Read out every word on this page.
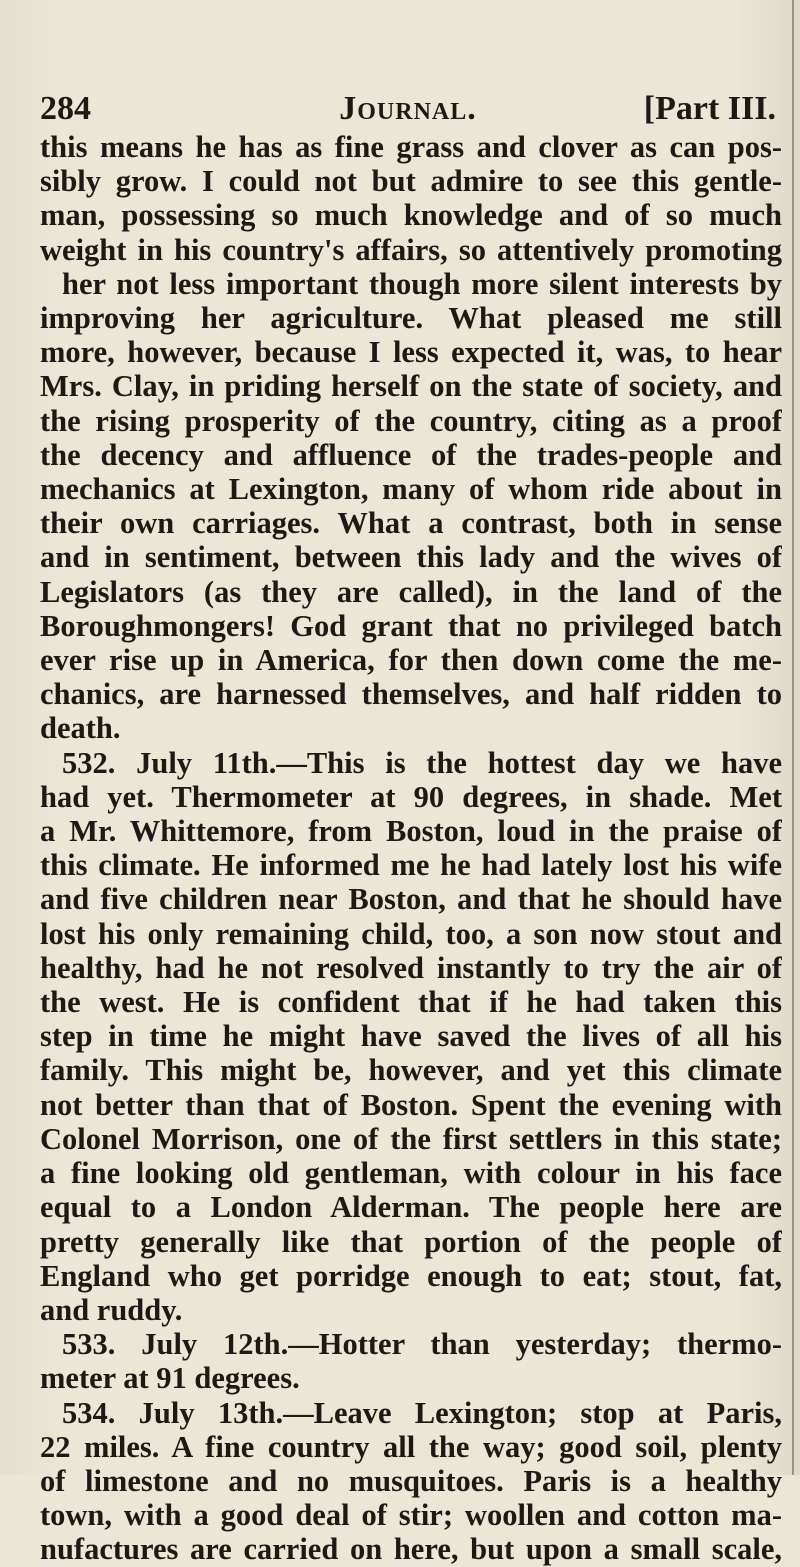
284	Journal.	[Part III.
this means he has as fine grass and clover as can pos-
sibly grow. I could not but admire to see this gentle-
man, possessing so much knowledge and of so much
weight in his country's affairs, so attentively promoting
her not less important though more silent interests by
improving her agriculture. What pleased me still
more, however, because I less expected it, was, to hear
Mrs. Clay, in priding herself on the state of society, and
the rising prosperity of the country, citing as a proof
the decency and affluence of the trades-people and
mechanics at Lexington, many of whom ride about in
their own carriages. What a contrast, both in sense
and in sentiment, between this lady and the wives of
Legislators (as they are called), in the land of the
Boroughmongers! God grant that no privileged batch
ever rise up in America, for then down come the me-
chanics, are harnessed themselves, and half ridden to
death.
532. July 11th.—This is the hottest day we have
had yet. Thermometer at 90 degrees, in shade. Met
a Mr. Whittemore, from Boston, loud in the praise of
this climate. He informed me he had lately lost his wife
and five children near Boston, and that he should have
lost his only remaining child, too, a son now stout and
healthy, had he not resolved instantly to try the air of
the west. He is confident that if he had taken this
step in time he might have saved the lives of all his
family. This might be, however, and yet this climate
not better than that of Boston. Spent the evening with
Colonel Morrison, one of the first settlers in this state;
a fine looking old gentleman, with colour in his face
equal to a London Alderman. The people here are
pretty generally like that portion of the people of
England who get porridge enough to eat; stout, fat,
and ruddy.
533. July 12th.—Hotter than yesterday; thermo-
meter at 91 degrees.
534. July 13th.—Leave Lexington; stop at Paris,
22 miles. A fine country all the way; good soil, plenty
of limestone and no musquitoes. Paris is a healthy
town, with a good deal of stir; woollen and cotton ma-
nufactures are carried on here, but upon a small scale,
